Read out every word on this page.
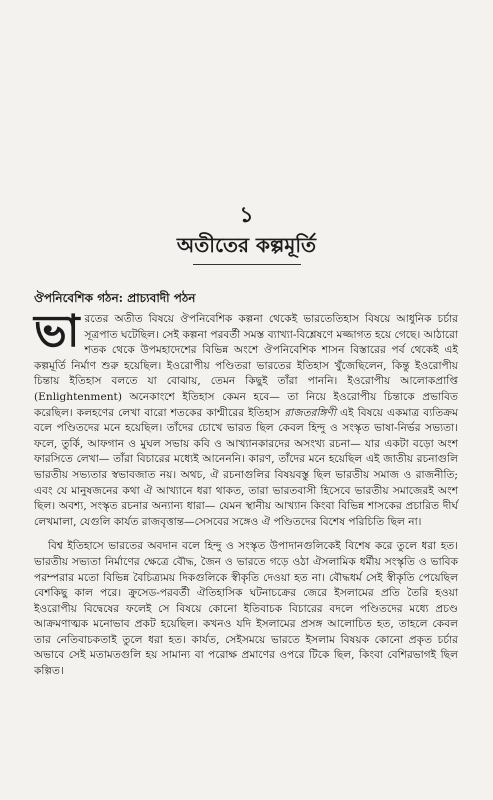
১
অতীতের কল্পমূর্তি
ঔপনিবেশিক গঠন: প্রাচ্যবাদী পঠন

ভারতের অতীত বিষয়ে ঔপনিবেশিক কল্পনা থেকেই ভারতেতিহাস বিষয়ে আধুনিক চর্চার সূত্রপাত ঘটেছিল। সেই কল্পনা পরবর্তী সমস্ত ব্যাখ্যা-বিশ্লেষণে মজ্জাগত হয়ে গেছে। আঠারো শতক থেকে উপমহাদেশের বিভিন্ন অংশে ঔপনিবেশিক শাসন বিস্তারের পর্ব থেকেই এই কল্পমূর্তি নির্মাণ শুরু হয়েছিল। ইওরোপীয় পণ্ডিতরা ভারতের ইতিহাস খুঁজেছিলেন, কিন্তু ইওরোপীয় চিন্তায় ইতিহাস বলতে যা বোঝায়, তেমন কিছুই তাঁরা পাননি। ইওরোপীয় আলোকপ্রাপ্তি (Enlightenment) অনেকাংশে ইতিহাস কেমন হবে— তা নিয়ে ইওরোপীয় চিন্তাকে প্রভাবিত করেছিল। কলহণের লেখা বারো শতকের কাশ্মীরের ইতিহাস রাজতরঙ্গিণী এই বিষয়ে একমাত্র ব্যতিক্রম বলে পণ্ডিতদের মনে হয়েছিল। তাঁদের চোখে ভারত ছিল কেবল হিন্দু ও সংস্কৃত ভাষা-নির্ভর সভ্যতা। ফলে, তুর্কি, আফগান ও মুঘল সভায় কবি ও আখ্যানকারদের অসংখ্য রচনা— যার একটা বড়ো অংশ ফারসিতে লেখা— তাঁরা বিচারের মধ্যেই আনেননি। কারণ, তাঁদের মনে হয়েছিল এই জাতীয় রচনাগুলি ভারতীয় সভ্যতার স্বভাবজাত নয়। অথচ, ঐ রচনাগুলির বিষয়বস্তু ছিল ভারতীয় সমাজ ও রাজনীতি; এবং যে মানুষজনের কথা ঐ আখ্যানে ধরা থাকত, তারা ভারতবাসী হিসেবে ভারতীয় সমাজেরই অংশ ছিল। অবশ্য, সংস্কৃত রচনার অন্যান্য ধারা— যেমন স্থানীয় আখ্যান কিংবা বিভিন্ন শাসকের প্রচারিত দীর্ঘ লেখমালা, যেগুলি কার্যত রাজবৃত্তান্ত—সেসবের সঙ্গেও ঐ পণ্ডিতদের বিশেষ পরিচিতি ছিল না।

বিশ্ব ইতিহাসে ভারতের অবদান বলে হিন্দু ও সংস্কৃত উপাদানগুলিকেই বিশেষ করে তুলে ধরা হত। ভারতীয় সভ্যতা নির্মাণের ক্ষেত্রে বৌদ্ধ, জৈন ও ভারতে গড়ে ওঠা ঐসলামিক ধর্মীয় সংস্কৃতি ও ভাবিক পরম্পরার মতো বিভিন্ন বৈচিত্র্যময় দিকগুলিকে স্বীকৃতি দেওয়া হত না। বৌদ্ধধর্ম সেই স্বীকৃতি পেয়েছিল বেশকিছু কাল পরে। ক্রুসেড-পরবর্তী ঐতিহাসিক ঘটনাচক্রের জেরে ইসলামের প্রতি তৈরি হওয়া ইওরোপীয় বিদ্বেষের ফলেই সে বিষয়ে কোনো ইতিবাচক বিচারের বদলে পণ্ডিতদের মধ্যে প্রচণ্ড আক্রমণাত্মক মনোভাব প্রকট হয়েছিল। কখনও যদি ইসলামের প্রসঙ্গ আলোচিত হত, তাহলে কেবল তার নেতিবাচকতাই তুলে ধরা হত। কার্যত, সেইসময়ে ভারতে ইসলাম বিষয়ক কোনো প্রকৃত চর্চার অভাবে সেই মতামতগুলি হয় সামান্য বা পরোক্ষ প্রমাণের ওপরে টিকে ছিল, কিংবা বেশিরভাগই ছিল কল্পিত।
